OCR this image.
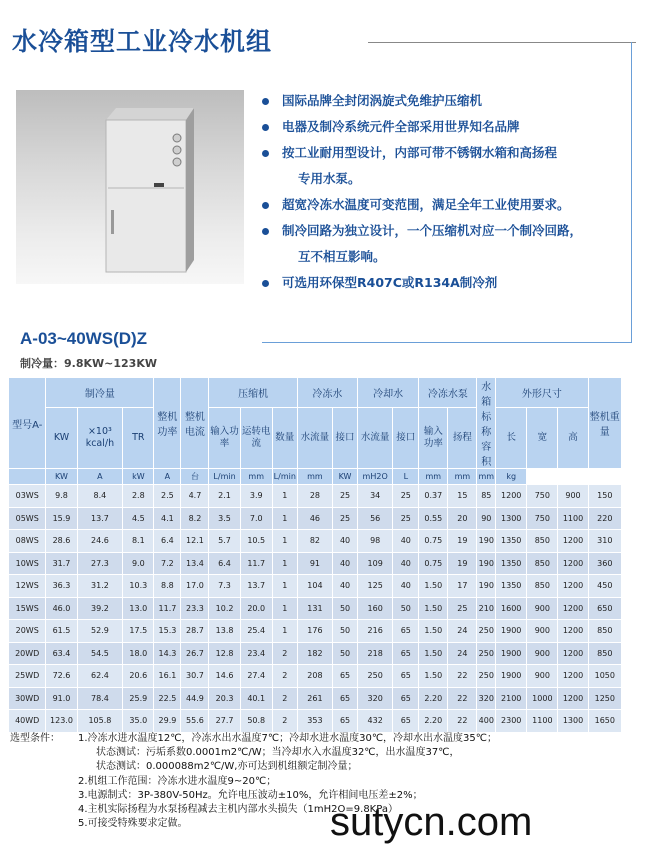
水冷箱型工业冷水机组
国际品牌全封闭涡旋式免维护压缩机
电器及制冷系统元件全部采用世界知名品牌
按工业耐用型设计，内部可带不锈钢水箱和高扬程
专用水泵。
超宽冷冻水温度可变范围，满足全年工业使用要求。
制冷回路为独立设计，一个压缩机对应一个制冷回路，
互不相互影响。
可选用环保型R407C或R134A制冷剂
A-03~40WS(D)Z
制冷量：9.8KW~123KW
型号A-	制冷量			整机功率	整机电流	压缩机			冷冻水		冷却水		冷冻水泵		水箱标称容积	外形尺寸			整机重量
	KW	×10³ kcal/h	TR			输入功率	运转电流	数量	水流量	接口	水流量	接口	输入功率	扬程		长	宽	高	
	KW	A	kW	A	台	L/min	mm	L/min	mm	KW	mH2O	L	mm	mm	mm	kg			
03WS	9.8	8.4	2.8	2.5	4.7	2.1	3.9	1	28	25	34	25	0.37	15	85	1200	750	900	150
05WS	15.9	13.7	4.5	4.1	8.2	3.5	7.0	1	46	25	56	25	0.55	20	90	1300	750	1100	220
08WS	28.6	24.6	8.1	6.4	12.1	5.7	10.5	1	82	40	98	40	0.75	19	190	1350	850	1200	310
10WS	31.7	27.3	9.0	7.2	13.4	6.4	11.7	1	91	40	109	40	0.75	19	190	1350	850	1200	360
12WS	36.3	31.2	10.3	8.8	17.0	7.3	13.7	1	104	40	125	40	1.50	17	190	1350	850	1200	450
15WS	46.0	39.2	13.0	11.7	23.3	10.2	20.0	1	131	50	160	50	1.50	25	210	1600	900	1200	650
20WS	61.5	52.9	17.5	15.3	28.7	13.8	25.4	1	176	50	216	65	1.50	24	250	1900	900	1200	850
20WD	63.4	54.5	18.0	14.3	26.7	12.8	23.4	2	182	50	218	65	1.50	24	250	1900	900	1200	850
25WD	72.6	62.4	20.6	16.1	30.7	14.6	27.4	2	208	65	250	65	1.50	22	250	1900	900	1200	1050
30WD	91.0	78.4	25.9	22.5	44.9	20.3	40.1	2	261	65	320	65	2.20	22	320	2100	1000	1200	1250
40WD	123.0	105.8	35.0	29.9	55.6	27.7	50.8	2	353	65	432	65	2.20	22	400	2300	1100	1300	1650
选型条件： 1.冷冻水进水温度12℃，冷冻水出水温度7℃；冷却水进水温度30℃，冷却水出水温度35℃；
状态测试：污垢系数0.0001m2℃/W；当冷却水入水温度32℃，出水温度37℃，
状态测试：0.000088m2℃/W,亦可达到机组额定制冷量；
2.机组工作范围：冷冻水进水温度9~20℃；
3.电源制式：3P-380V-50Hz。允许电压波动±10%，允许相间电压差±2%；
4.主机实际扬程为水泵扬程减去主机内部水头损失（1mH2O=9.8KPa）
5.可接受特殊要求定做。	sutycn.com
